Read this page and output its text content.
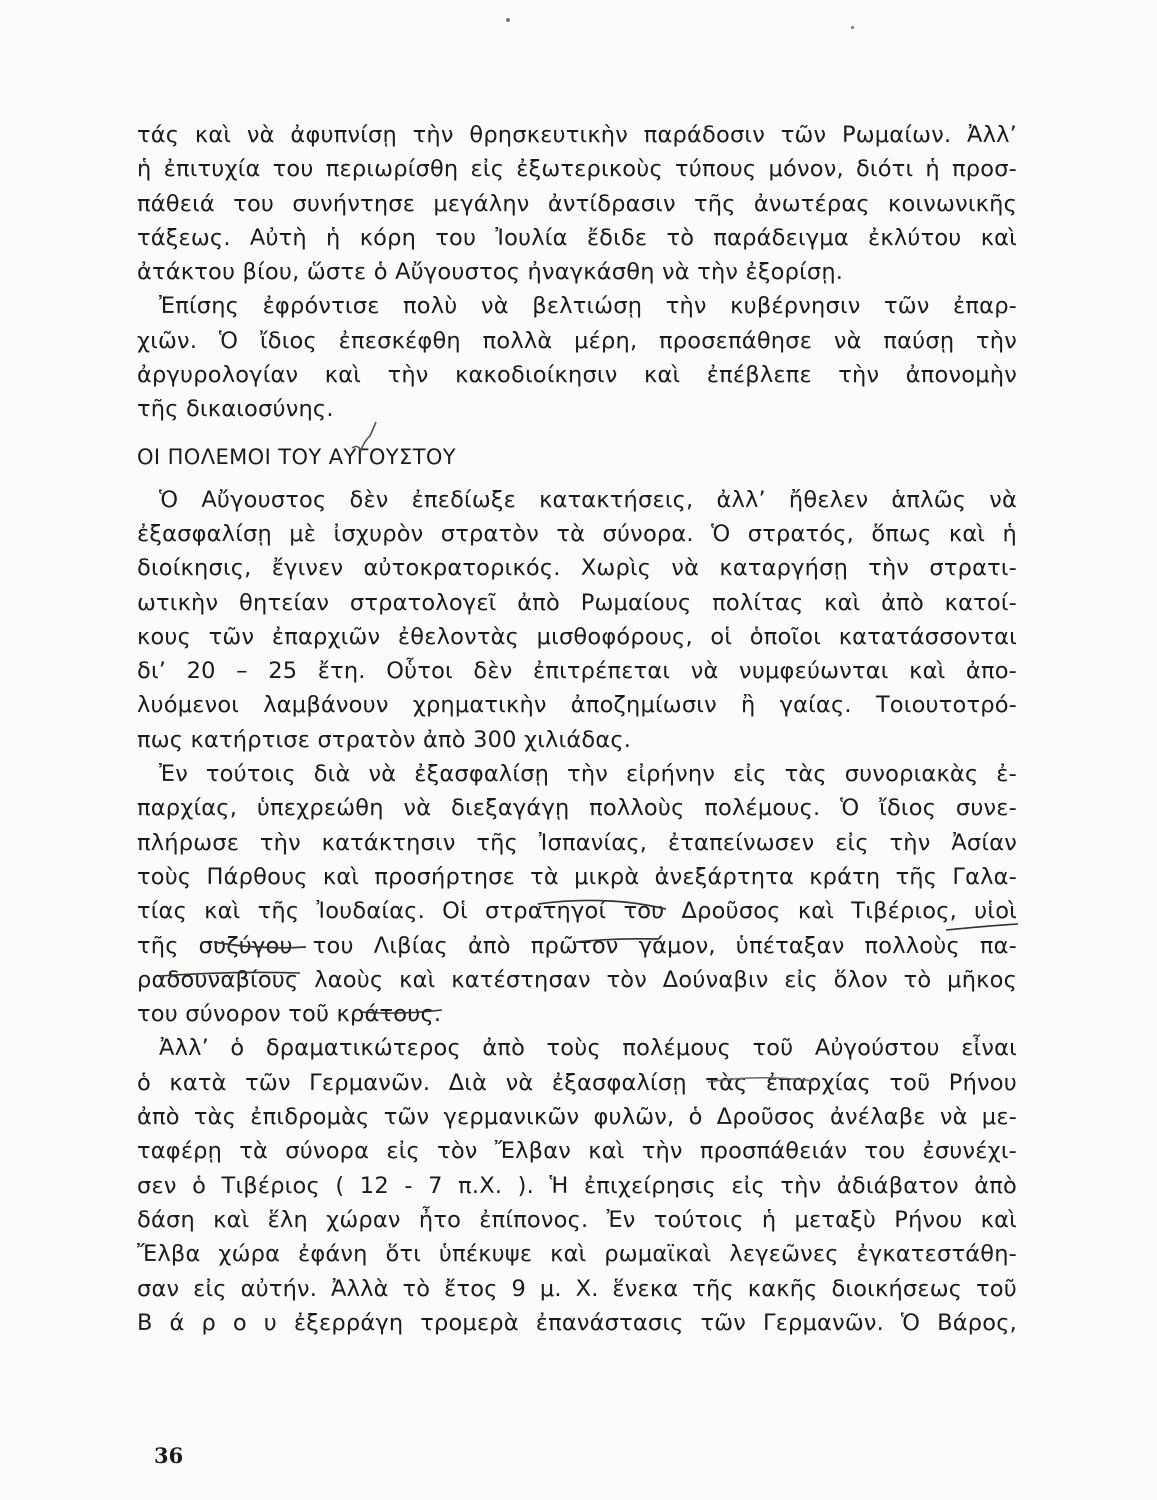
τάς καὶ νὰ ἀφυπνίσῃ τὴν θρησκευτικὴν παράδοσιν τῶν Ρωμαίων. Ἀλλ’
ἡ ἐπιτυχία του περιωρίσθη εἰς ἐξωτερικοὺς τύπους μόνον, διότι ἡ προσ-
πάθειά του συνήντησε μεγάλην ἀντίδρασιν τῆς ἀνωτέρας κοινωνικῆς
τάξεως. Αὐτὴ ἡ κόρη του Ἰουλία ἔδιδε τὸ παράδειγμα ἐκλύτου καὶ
ἀτάκτου βίου, ὥστε ὁ Αὔγουστος ἠναγκάσθη νὰ τὴν ἐξορίσῃ.
Ἐπίσης ἐφρόντισε πολὺ νὰ βελτιώσῃ τὴν κυβέρνησιν τῶν ἐπαρ-
χιῶν. Ὁ ἴδιος ἐπεσκέφθη πολλὰ μέρη, προσεπάθησε νὰ παύσῃ τὴν
ἀργυρολογίαν καὶ τὴν κακοδιοίκησιν καὶ ἐπέβλεπε τὴν ἀπονομὴν
τῆς δικαιοσύνης.
ΟΙ ΠΟΛΕΜΟΙ ΤΟΥ ΑΥΓΟΥΣΤΟΥ
Ὁ Αὔγουστος δὲν ἐπεδίωξε κατακτήσεις, ἀλλ’ ἤθελεν ἁπλῶς νὰ
ἐξασφαλίσῃ μὲ ἰσχυρὸν στρατὸν τὰ σύνορα. Ὁ στρατός, ὅπως καὶ ἡ
διοίκησις, ἔγινεν αὐτοκρατορικός. Χωρὶς νὰ καταργήσῃ τὴν στρατι-
ωτικὴν θητείαν στρατολογεῖ ἀπὸ Ρωμαίους πολίτας καὶ ἀπὸ κατοί-
κους τῶν ἐπαρχιῶν ἐθελοντὰς μισθοφόρους, οἱ ὁποῖοι κατατάσσονται
δι’ 20 – 25 ἔτη. Οὗτοι δὲν ἐπιτρέπεται νὰ νυμφεύωνται καὶ ἀπο-
λυόμενοι λαμβάνουν χρηματικὴν ἀποζημίωσιν ἢ γαίας. Τοιουτοτρό-
πως κατήρτισε στρατὸν ἀπὸ 300 χιλιάδας.
Ἐν τούτοις διὰ νὰ ἐξασφαλίσῃ τὴν εἰρήνην εἰς τὰς συνοριακὰς ἐ-
παρχίας, ὑπεχρεώθη νὰ διεξαγάγῃ πολλοὺς πολέμους. Ὁ ἴδιος συνε-
πλήρωσε τὴν κατάκτησιν τῆς Ἰσπανίας, ἐταπείνωσεν εἰς τὴν Ἀσίαν
τοὺς Πάρθους καὶ προσήρτησε τὰ μικρὰ ἀνεξάρτητα κράτη τῆς Γαλα-
τίας καὶ τῆς Ἰουδαίας. Οἱ στρατηγοί του Δροῦσος καὶ Τιβέριος, υἱοὶ
τῆς συζύγου του Λιβίας ἀπὸ πρῶτον γάμον, ὑπέταξαν πολλοὺς πα-
ραδουναβίους λαοὺς καὶ κατέστησαν τὸν Δούναβιν εἰς ὅλον τὸ μῆκος
του σύνορον τοῦ κράτους.
Ἀλλ’ ὁ δραματικώτερος ἀπὸ τοὺς πολέμους τοῦ Αὐγούστου εἶναι
ὁ κατὰ τῶν Γερμανῶν. Διὰ νὰ ἐξασφαλίσῃ τὰς ἐπαρχίας τοῦ Ρήνου
ἀπὸ τὰς ἐπιδρομὰς τῶν γερμανικῶν φυλῶν, ὁ Δροῦσος ἀνέλαβε νὰ με-
ταφέρῃ τὰ σύνορα εἰς τὸν Ἔλβαν καὶ τὴν προσπάθειάν του ἐσυνέχι-
σεν ὁ Τιβέριος ( 12 - 7 π.Χ. ). Ἡ ἐπιχείρησις εἰς τὴν ἀδιάβατον ἀπὸ
δάση καὶ ἕλη χώραν ἦτο ἐπίπονος. Ἐν τούτοις ἡ μεταξὺ Ρήνου καὶ
Ἔλβα χώρα ἐφάνη ὅτι ὑπέκυψε καὶ ρωμαϊκαὶ λεγεῶνες ἐγκατεστάθη-
σαν εἰς αὐτήν. Ἀλλὰ τὸ ἔτος 9 μ. Χ. ἕνεκα τῆς κακῆς διοικήσεως τοῦ
Β ά ρ ο υ ἐξερράγη τρομερὰ ἐπανάστασις τῶν Γερμανῶν. Ὁ Βάρος,
36
